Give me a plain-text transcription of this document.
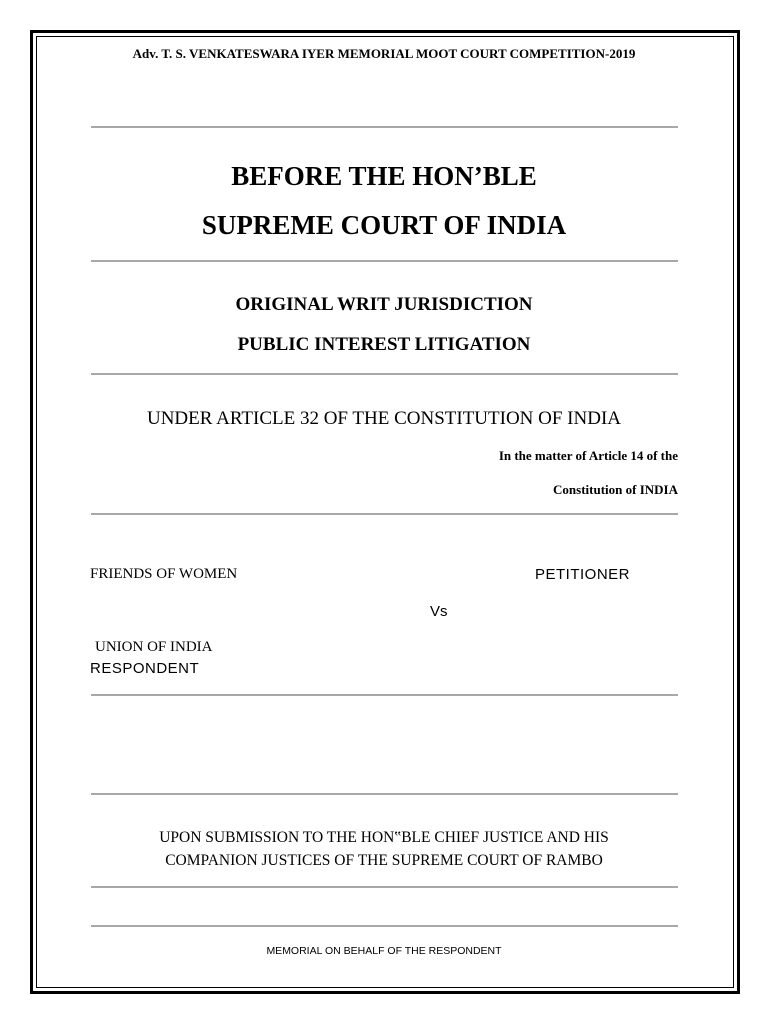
Adv. T. S. VENKATESWARA IYER MEMORIAL MOOT COURT COMPETITION-2019
BEFORE THE HON’BLE
SUPREME COURT OF INDIA
ORIGINAL WRIT JURISDICTION
PUBLIC INTEREST LITIGATION
UNDER ARTICLE 32 OF THE CONSTITUTION OF INDIA
In the matter of Article 14 of the
Constitution of INDIA
FRIENDS OF WOMEN	PETITIONER
Vs
UNION OF INDIA
RESPONDENT
UPON SUBMISSION TO THE HON‟BLE CHIEF JUSTICE AND HIS
COMPANION JUSTICES OF THE SUPREME COURT OF RAMBO
MEMORIAL ON BEHALF OF THE RESPONDENT
